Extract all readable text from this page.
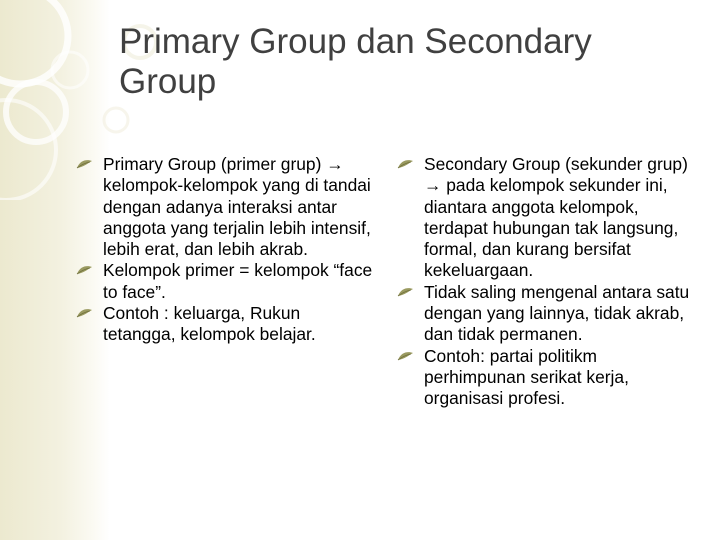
Primary Group dan Secondary Group

Primary Group (primer grup) → kelompok-kelompok yang di tandai dengan adanya interaksi antar anggota yang terjalin lebih intensif, lebih erat, dan lebih akrab.

Kelompok primer = kelompok “face to face”.

Contoh : keluarga, Rukun tetangga, kelompok belajar.

Secondary Group (sekunder grup) → pada kelompok sekunder ini, diantara anggota kelompok, terdapat hubungan tak langsung, formal, dan kurang bersifat kekeluargaan.

Tidak saling mengenal antara satu dengan yang lainnya, tidak akrab, dan tidak permanen.

Contoh: partai politikm perhimpunan serikat kerja, organisasi profesi.
